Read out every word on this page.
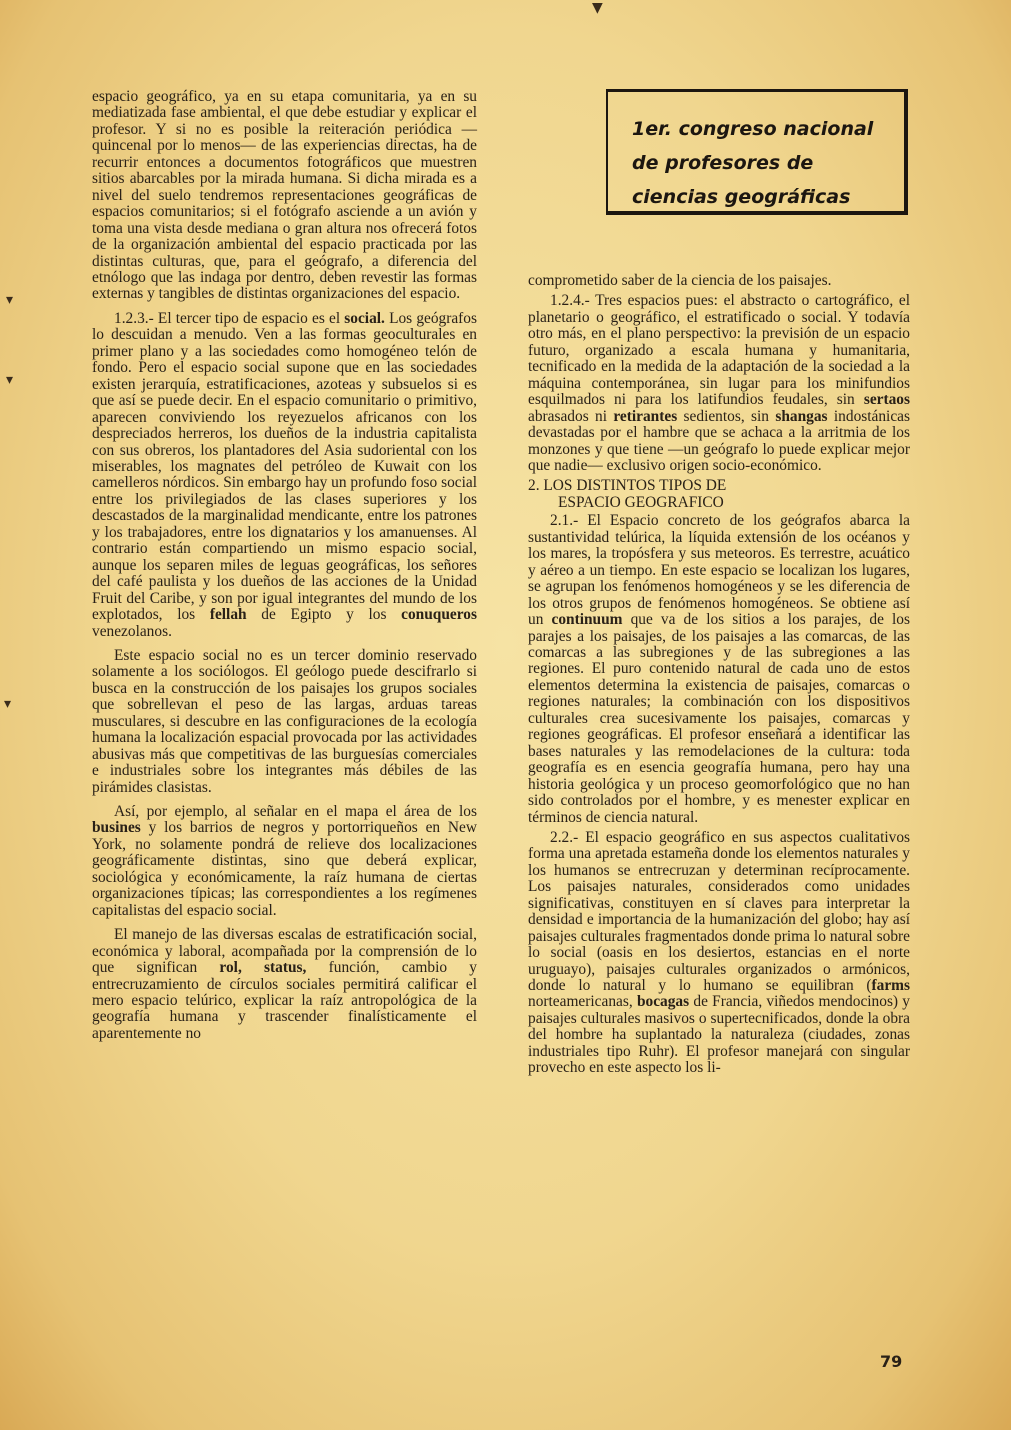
1er. congreso nacional
de profesores de
ciencias geográficas

espacio geográfico, ya en su etapa comunitaria, ya en su mediatizada fase ambiental, el que debe estudiar y explicar el profesor. Y si no es posible la reiteración periódica —quincenal por lo menos— de las experiencias directas, ha de recurrir entonces a documentos fotográficos que muestren sitios abarcables por la mirada humana. Si dicha mirada es a nivel del suelo tendremos representaciones geográficas de espacios comunitarios; si el fotógrafo asciende a un avión y toma una vista desde mediana o gran altura nos ofrecerá fotos de la organización ambiental del espacio practicada por las distintas culturas, que, para el geógrafo, a diferencia del etnólogo que las indaga por dentro, deben revestir las formas externas y tangibles de distintas organizaciones del espacio.

1.2.3.- El tercer tipo de espacio es el social. Los geógrafos lo descuidan a menudo. Ven a las formas geoculturales en primer plano y a las sociedades como homogéneo telón de fondo. Pero el espacio social supone que en las sociedades existen jerarquía, estratificaciones, azoteas y subsuelos si es que así se puede decir. En el espacio comunitario o primitivo, aparecen conviviendo los reyezuelos africanos con los despreciados herreros, los dueños de la industria capitalista con sus obreros, los plantadores del Asia sudoriental con los miserables, los magnates del petróleo de Kuwait con los camelleros nórdicos. Sin embargo hay un profundo foso social entre los privilegiados de las clases superiores y los descastados de la marginalidad mendicante, entre los patrones y los trabajadores, entre los dignatarios y los amanuenses. Al contrario están compartiendo un mismo espacio social, aunque los separen miles de leguas geográficas, los señores del café paulista y los dueños de las acciones de la Unidad Fruit del Caribe, y son por igual integrantes del mundo de los explotados, los fellah de Egipto y los conuqueros venezolanos.

Este espacio social no es un tercer dominio reservado solamente a los sociólogos. El geólogo puede descifrarlo si busca en la construcción de los paisajes los grupos sociales que sobrellevan el peso de las largas, arduas tareas musculares, si descubre en las configuraciones de la ecología humana la localización espacial provocada por las actividades abusivas más que competitivas de las burguesías comerciales e industriales sobre los integrantes más débiles de las pirámides clasistas.

Así, por ejemplo, al señalar en el mapa el área de los busines y los barrios de negros y portorriqueños en New York, no solamente pondrá de relieve dos localizaciones geográficamente distintas, sino que deberá explicar, sociológica y económicamente, la raíz humana de ciertas organizaciones típicas; las correspondientes a los regímenes capitalistas del espacio social.

El manejo de las diversas escalas de estratificación social, económica y laboral, acompañada por la comprensión de lo que significan rol, status, función, cambio y entrecruzamiento de círculos sociales permitirá calificar el mero espacio telúrico, explicar la raíz antropológica de la geografía humana y trascender finalísticamente el aparentemente no

comprometido saber de la ciencia de los paisajes.

1.2.4.- Tres espacios pues: el abstracto o cartográfico, el planetario o geográfico, el estratificado o social. Y todavía otro más, en el plano perspectivo: la previsión de un espacio futuro, organizado a escala humana y humanitaria, tecnificado en la medida de la adaptación de la sociedad a la máquina contemporánea, sin lugar para los minifundios esquilmados ni para los latifundios feudales, sin sertaos abrasados ni retirantes sedientos, sin shangas indostánicas devastadas por el hambre que se achaca a la arritmia de los monzones y que tiene —un geógrafo lo puede explicar mejor que nadie— exclusivo origen socio-económico.

2. LOS DISTINTOS TIPOS DE
ESPACIO GEOGRAFICO

2.1.- El Espacio concreto de los geógrafos abarca la sustantividad telúrica, la líquida extensión de los océanos y los mares, la tropósfera y sus meteoros. Es terrestre, acuático y aéreo a un tiempo. En este espacio se localizan los lugares, se agrupan los fenómenos homogéneos y se les diferencia de los otros grupos de fenómenos homogéneos. Se obtiene así un continuum que va de los sitios a los parajes, de los parajes a los paisajes, de los paisajes a las comarcas, de las comarcas a las subregiones y de las subregiones a las regiones. El puro contenido natural de cada uno de estos elementos determina la existencia de paisajes, comarcas o regiones naturales; la combinación con los dispositivos culturales crea sucesivamente los paisajes, comarcas y regiones geográficas. El profesor enseñará a identificar las bases naturales y las remodelaciones de la cultura: toda geografía es en esencia geografía humana, pero hay una historia geológica y un proceso geomorfológico que no han sido controlados por el hombre, y es menester explicar en términos de ciencia natural.

2.2.- El espacio geográfico en sus aspectos cualitativos forma una apretada estameña donde los elementos naturales y los humanos se entrecruzan y determinan recíprocamente. Los paisajes naturales, considerados como unidades significativas, constituyen en sí claves para interpretar la densidad e importancia de la humanización del globo; hay así paisajes culturales fragmentados donde prima lo natural sobre lo social (oasis en los desiertos, estancias en el norte uruguayo), paisajes culturales organizados o armónicos, donde lo natural y lo humano se equilibran (farms norteamericanas, bocagas de Francia, viñedos mendocinos) y paisajes culturales masivos o supertecnificados, donde la obra del hombre ha suplantado la naturaleza (ciudades, zonas industriales tipo Ruhr). El profesor manejará con singular provecho en este aspecto los li-

79
▼
▾
▾
▾
